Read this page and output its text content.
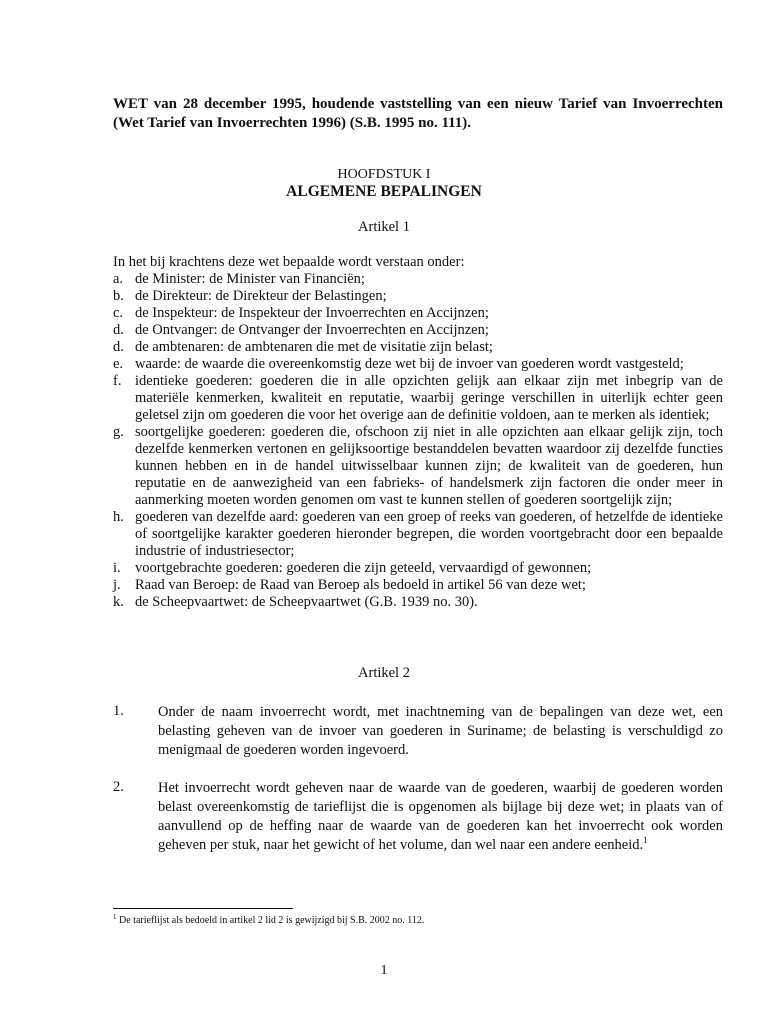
WET van 28 december 1995, houdende vaststelling van een nieuw Tarief van Invoerrechten (Wet Tarief van Invoerrechten 1996) (S.B. 1995 no. 111).
HOOFDSTUK I
ALGEMENE BEPALINGEN
Artikel 1
In het bij krachtens deze wet bepaalde wordt verstaan onder:
a. de Minister: de Minister van Financiën;
b. de Direkteur: de Direkteur der Belastingen;
c. de Inspekteur: de Inspekteur der Invoerrechten en Accijnzen;
d. de Ontvanger: de Ontvanger der Invoerrechten en Accijnzen;
d. de ambtenaren: de ambtenaren die met de visitatie zijn belast;
e. waarde: de waarde die overeenkomstig deze wet bij de invoer van goederen wordt vastgesteld;
f. identieke goederen: goederen die in alle opzichten gelijk aan elkaar zijn met inbegrip van de materiële kenmerken, kwaliteit en reputatie, waarbij geringe verschillen in uiterlijk echter geen geletsel zijn om goederen die voor het overige aan de definitie voldoen, aan te merken als identiek;
g. soortgelijke goederen: goederen die, ofschoon zij niet in alle opzichten aan elkaar gelijk zijn, toch dezelfde kenmerken vertonen en gelijksoortige bestanddelen bevatten waardoor zij dezelfde functies kunnen hebben en in de handel uitwisselbaar kunnen zijn; de kwaliteit van de goederen, hun reputatie en de aanwezigheid van een fabrieks- of handelsmerk zijn factoren die onder meer in aanmerking moeten worden genomen om vast te kunnen stellen of goederen soortgelijk zijn;
h. goederen van dezelfde aard: goederen van een groep of reeks van goederen, of hetzelfde de identieke of soortgelijke karakter goederen hieronder begrepen, die worden voortgebracht door een bepaalde industrie of industriesector;
i. voortgebrachte goederen: goederen die zijn geteeld, vervaardigd of gewonnen;
j. Raad van Beroep: de Raad van Beroep als bedoeld in artikel 56 van deze wet;
k. de Scheepvaartwet: de Scheepvaartwet (G.B. 1939 no. 30).
Artikel 2
1.	Onder de naam invoerrecht wordt, met inachtneming van de bepalingen van deze wet, een belasting geheven van de invoer van goederen in Suriname; de belasting is verschuldigd zo menigmaal de goederen worden ingevoerd.
2.	Het invoerrecht wordt geheven naar de waarde van de goederen, waarbij de goederen worden belast overeenkomstig de tarieflijst die is opgenomen als bijlage bij deze wet; in plaats van of aanvullend op de heffing naar de waarde van de goederen kan het invoerrecht ook worden geheven per stuk, naar het gewicht of het volume, dan wel naar een andere eenheid.$^1$
$^1$ De tarieflijst als bedoeld in artikel 2 lid 2 is gewijzigd bij S.B. 2002 no. 112.
1
